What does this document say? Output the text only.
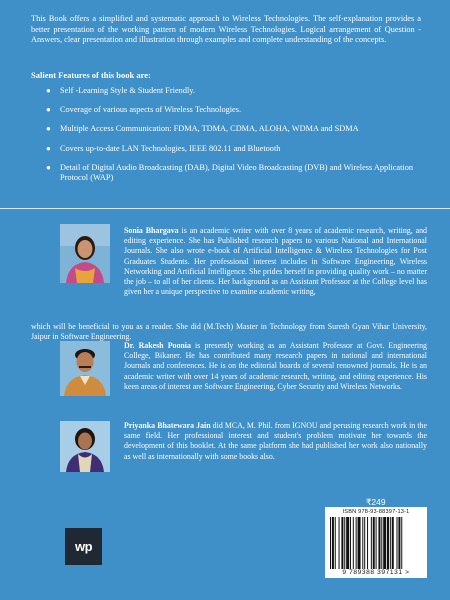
This Book offers a simplified and systematic approach to Wireless Technologies. The self-explanation provides a better presentation of the working pattern of modern Wireless Technologies. Logical arrangement of Question - Answers, clear presentation and illustration through examples and complete understanding of the concepts.

Salient Features of this book are:
● Self -Learning Style & Student Friendly.
● Coverage of various aspects of Wireless Technologies.
● Multiple Access Communication: FDMA, TDMA, CDMA, ALOHA, WDMA and SDMA
● Covers up-to-date LAN Technologies, IEEE 802.11 and Bluetooth
● Detail of Digital Audio Broadcasting (DAB), Digital Video Broadcasting (DVB) and Wireless Application Protocol (WAP)

Sonia Bhargava is an academic writer with over 8 years of academic research, writing, and editing experience. She has Published research papers to various National and International Journals. She also wrote e-book of Artificial Intelligence & Wireless Technologies for Post Graduates Students. Her professional interest includes in Software Engineering, Wireless Networking and Artificial Intelligence. She prides herself in providing quality work – no matter the job – to all of her clients. Her background as an Assistant Professor at the College level has given her a unique perspective to examine academic writing,

which will be beneficial to you as a reader. She did (M.Tech) Master in Technology from Suresh Gyan Vihar University, Jaipur in Software Engineering.

Dr. Rakesh Poonia is presently working as an Assistant Professor at Govt. Engineering College, Bikaner. He has contributed many research papers in national and international Journals and conferences. He is on the editorial boards of several renowned journals. He is an academic writer with over 14 years of academic research, writing, and editing experience. His keen areas of interest are Software Engineering, Cyber Security and Wireless Networks.

Priyanka Bhatewara Jain did MCA, M. Phil. from IGNOU and perusing research work in the same field. Her professional interest and student's problem motivate her towards the development of this booklet. At the same platform she had published her work also nationally as well as internationally with some books also.

₹249
wp
ISBN 978-93-88397-13-1
9 789388 397131 >
